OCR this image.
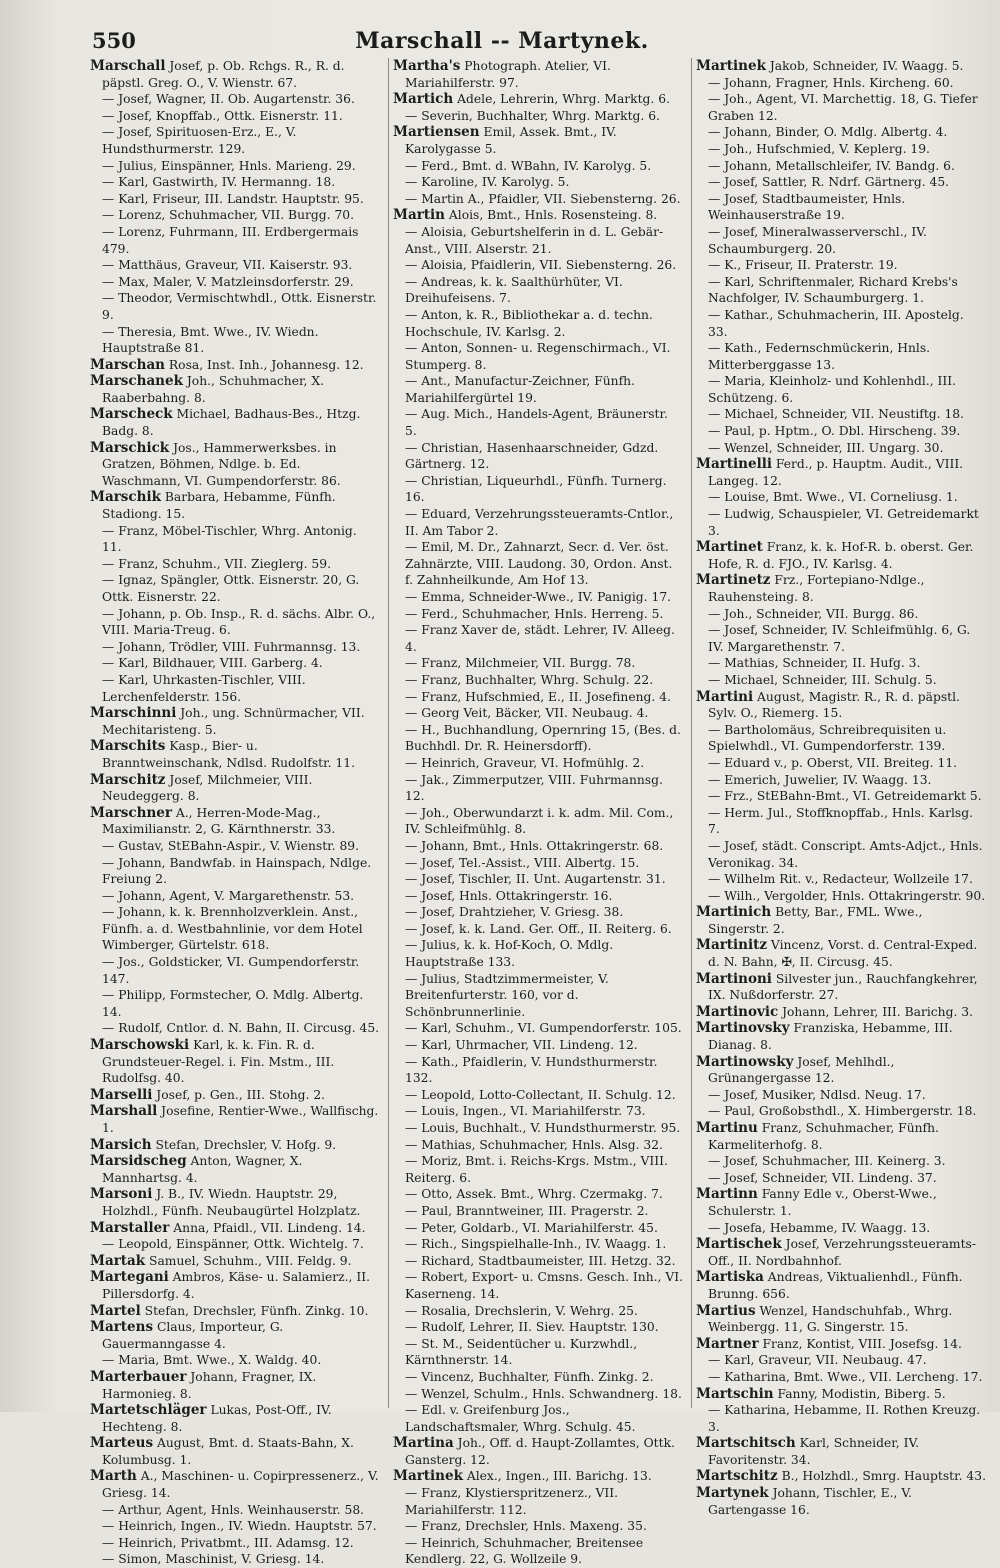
550	Marschall -- Martynek.
Marschall Josef, p. Ob. Rchgs. R., R. d. päpstl. Greg. O., V. Wienstr. 67.
— Josef, Wagner, II. Ob. Augartenstr. 36.
— Josef, Knopffab., Ottk. Eisnerstr. 11.
— Josef, Spirituosen-Erz., E., V. Hundsthurmerstr. 129.
— Julius, Einspänner, Hnls. Marieng. 29.
— Karl, Gastwirth, IV. Hermanng. 18.
— Karl, Friseur, III. Landstr. Hauptstr. 95.
— Lorenz, Schuhmacher, VII. Burgg. 70.
— Lorenz, Fuhrmann, III. Erdbergermais 479.
— Matthäus, Graveur, VII. Kaiserstr. 93.
— Max, Maler, V. Matzleinsdorferstr. 29.
— Theodor, Vermischtwhdl., Ottk. Eisnerstr. 9.
— Theresia, Bmt. Wwe., IV. Wiedn. Hauptstraße 81.
Marschan Rosa, Inst. Inh., Johannesg. 12.
Marschanek Joh., Schuhmacher, X. Raaberbahng. 8.
Marscheck Michael, Badhaus-Bes., Htzg. Badg. 8.
Marschick Jos., Hammerwerksbes. in Gratzen, Böhmen, Ndlge. b. Ed. Waschmann, VI. Gumpendorferstr. 86.
Marschik Barbara, Hebamme, Fünfh. Stadiong. 15.
— Franz, Möbel-Tischler, Whrg. Antonig. 11.
— Franz, Schuhm., VII. Zieglerg. 59.
— Ignaz, Spängler, Ottk. Eisnerstr. 20, G. Ottk. Eisnerstr. 22.
— Johann, p. Ob. Insp., R. d. sächs. Albr. O., VIII. Maria-Treug. 6.
— Johann, Trödler, VIII. Fuhrmannsg. 13.
— Karl, Bildhauer, VIII. Garberg. 4.
— Karl, Uhrkasten-Tischler, VIII. Lerchenfelderstr. 156.
Marschinni Joh., ung. Schnürmacher, VII. Mechitaristeng. 5.
Marschits Kasp., Bier- u. Branntweinschank, Ndlsd. Rudolfstr. 11.
Marschitz Josef, Milchmeier, VIII. Neudeggerg. 8.
Marschner A., Herren-Mode-Mag., Maximilianstr. 2, G. Kärnthnerstr. 33.
— Gustav, StEBahn-Aspir., V. Wienstr. 89.
— Johann, Bandwfab. in Hainspach, Ndlge. Freiung 2.
— Johann, Agent, V. Margarethenstr. 53.
— Johann, k. k. Brennholzverklein. Anst., Fünfh. a. d. Westbahnlinie, vor dem Hotel Wimberger, Gürtelstr. 618.
— Jos., Goldsticker, VI. Gumpendorferstr. 147.
— Philipp, Formstecher, O. Mdlg. Albertg. 14.
— Rudolf, Cntlor. d. N. Bahn, II. Circusg. 45.
Marschowski Karl, k. k. Fin. R. d. Grundsteuer-Regel. i. Fin. Mstm., III. Rudolfsg. 40.
Marselli Josef, p. Gen., III. Stohg. 2.
Marshall Josefine, Rentier-Wwe., Wallfischg. 1.
Marsich Stefan, Drechsler, V. Hofg. 9.
Marsidscheg Anton, Wagner, X. Mannhartsg. 4.
Marsoni J. B., IV. Wiedn. Hauptstr. 29, Holzhdl., Fünfh. Neubaugürtel Holzplatz.
Marstaller Anna, Pfaidl., VII. Lindeng. 14.
— Leopold, Einspänner, Ottk. Wichtelg. 7.
Martak Samuel, Schuhm., VIII. Feldg. 9.
Martegani Ambros, Käse- u. Salamierz., II. Pillersdorfg. 4.
Martel Stefan, Drechsler, Fünfh. Zinkg. 10.
Martens Claus, Importeur, G. Gauermanngasse 4.
— Maria, Bmt. Wwe., X. Waldg. 40.
Marterbauer Johann, Fragner, IX. Harmonieg. 8.
Martetschläger Lukas, Post-Off., IV. Hechteng. 8.
Marteus August, Bmt. d. Staats-Bahn, X. Kolumbusg. 1.
Marth A., Maschinen- u. Copirpressenerz., V. Griesg. 14.
— Arthur, Agent, Hnls. Weinhauserstr. 58.
— Heinrich, Ingen., IV. Wiedn. Hauptstr. 57.
— Heinrich, Privatbmt., III. Adamsg. 12.
— Simon, Maschinist, V. Griesg. 14.
Martha's Photograph. Atelier, VI. Mariahilferstr. 97.
Martich Adele, Lehrerin, Whrg. Marktg. 6.
— Severin, Buchhalter, Whrg. Marktg. 6.
Martiensen Emil, Assek. Bmt., IV. Karolygasse 5.
— Ferd., Bmt. d. WBahn, IV. Karolyg. 5.
— Karoline, IV. Karolyg. 5.
— Martin A., Pfaidler, VII. Siebensterng. 26.
Martin Alois, Bmt., Hnls. Rosensteing. 8.
— Aloisia, Geburtshelferin in d. L. Gebär-Anst., VIII. Alserstr. 21.
— Aloisia, Pfaidlerin, VII. Siebensterng. 26.
— Andreas, k. k. Saalthürhüter, VI. Dreihufeisens. 7.
— Anton, k. R., Bibliothekar a. d. techn. Hochschule, IV. Karlsg. 2.
— Anton, Sonnen- u. Regenschirmach., VI. Stumperg. 8.
— Ant., Manufactur-Zeichner, Fünfh. Mariahilfergürtel 19.
— Aug. Mich., Handels-Agent, Bräunerstr. 5.
— Christian, Hasenhaarschneider, Gdzd. Gärtnerg. 12.
— Christian, Liqueurhdl., Fünfh. Turnerg. 16.
— Eduard, Verzehrungssteueramts-Cntlor., II. Am Tabor 2.
— Emil, M. Dr., Zahnarzt, Secr. d. Ver. öst. Zahnärzte, VIII. Laudong. 30, Ordon. Anst. f. Zahnheilkunde, Am Hof 13.
— Emma, Schneider-Wwe., IV. Panigig. 17.
— Ferd., Schuhmacher, Hnls. Herreng. 5.
— Franz Xaver de, städt. Lehrer, IV. Alleeg. 4.
— Franz, Milchmeier, VII. Burgg. 78.
— Franz, Buchhalter, Whrg. Schulg. 22.
— Franz, Hufschmied, E., II. Josefineng. 4.
— Georg Veit, Bäcker, VII. Neubaug. 4.
— H., Buchhandlung, Opernring 15, (Bes. d. Buchhdl. Dr. R. Heinersdorff).
— Heinrich, Graveur, VI. Hofmühlg. 2.
— Jak., Zimmerputzer, VIII. Fuhrmannsg. 12.
— Joh., Oberwundarzt i. k. adm. Mil. Com., IV. Schleifmühlg. 8.
— Johann, Bmt., Hnls. Ottakringerstr. 68.
— Josef, Tel.-Assist., VIII. Albertg. 15.
— Josef, Tischler, II. Unt. Augartenstr. 31.
— Josef, Hnls. Ottakringerstr. 16.
— Josef, Drahtzieher, V. Griesg. 38.
— Josef, k. k. Land. Ger. Off., II. Reiterg. 6.
— Julius, k. k. Hof-Koch, O. Mdlg. Hauptstraße 133.
— Julius, Stadtzimmermeister, V. Breitenfurterstr. 160, vor d. Schönbrunnerlinie.
— Karl, Schuhm., VI. Gumpendorferstr. 105.
— Karl, Uhrmacher, VII. Lindeng. 12.
— Kath., Pfaidlerin, V. Hundsthurmerstr. 132.
— Leopold, Lotto-Collectant, II. Schulg. 12.
— Louis, Ingen., VI. Mariahilferstr. 73.
— Louis, Buchhalt., V. Hundsthurmerstr. 95.
— Mathias, Schuhmacher, Hnls. Alsg. 32.
— Moriz, Bmt. i. Reichs-Krgs. Mstm., VIII. Reiterg. 6.
— Otto, Assek. Bmt., Whrg. Czermakg. 7.
— Paul, Branntweiner, III. Pragerstr. 2.
— Peter, Goldarb., VI. Mariahilferstr. 45.
— Rich., Singspielhalle-Inh., IV. Waagg. 1.
— Richard, Stadtbaumeister, III. Hetzg. 32.
— Robert, Export- u. Cmsns. Gesch. Inh., VI. Kaserneng. 14.
— Rosalia, Drechslerin, V. Wehrg. 25.
— Rudolf, Lehrer, II. Siev. Hauptstr. 130.
— St. M., Seidentücher u. Kurzwhdl., Kärnthnerstr. 14.
— Vincenz, Buchhalter, Fünfh. Zinkg. 2.
— Wenzel, Schulm., Hnls. Schwandnerg. 18.
— Edl. v. Greifenburg Jos., Landschaftsmaler, Whrg. Schulg. 45.
Martina Joh., Off. d. Haupt-Zollamtes, Ottk. Gansterg. 12.
Martinek Alex., Ingen., III. Barichg. 13.
— Franz, Klystierspritzenerz., VII. Mariahilferstr. 112.
— Franz, Drechsler, Hnls. Maxeng. 35.
— Heinrich, Schuhmacher, Breitensee Kendlerg. 22, G. Wollzeile 9.
Martinek Jakob, Schneider, IV. Waagg. 5.
— Johann, Fragner, Hnls. Kircheng. 60.
— Joh., Agent, VI. Marchettig. 18, G. Tiefer Graben 12.
— Johann, Binder, O. Mdlg. Albertg. 4.
— Joh., Hufschmied, V. Keplerg. 19.
— Johann, Metallschleifer, IV. Bandg. 6.
— Josef, Sattler, R. Ndrf. Gärtnerg. 45.
— Josef, Stadtbaumeister, Hnls. Weinhauserstraße 19.
— Josef, Mineralwasserverschl., IV. Schaumburgerg. 20.
— K., Friseur, II. Praterstr. 19.
— Karl, Schriftenmaler, Richard Krebs's Nachfolger, IV. Schaumburgerg. 1.
— Kathar., Schuhmacherin, III. Apostelg. 33.
— Kath., Federnschmückerin, Hnls. Mitterberggasse 13.
— Maria, Kleinholz- und Kohlenhdl., III. Schützeng. 6.
— Michael, Schneider, VII. Neustiftg. 18.
— Paul, p. Hptm., O. Dbl. Hirscheng. 39.
— Wenzel, Schneider, III. Ungarg. 30.
Martinelli Ferd., p. Hauptm. Audit., VIII. Langeg. 12.
— Louise, Bmt. Wwe., VI. Corneliusg. 1.
— Ludwig, Schauspieler, VI. Getreidemarkt 3.
Martinet Franz, k. k. Hof-R. b. oberst. Ger. Hofe, R. d. FJO., IV. Karlsg. 4.
Martinetz Frz., Fortepiano-Ndlge., Rauhensteing. 8.
— Joh., Schneider, VII. Burgg. 86.
— Josef, Schneider, IV. Schleifmühlg. 6, G. IV. Margarethenstr. 7.
— Mathias, Schneider, II. Hufg. 3.
— Michael, Schneider, III. Schulg. 5.
Martini August, Magistr. R., R. d. päpstl. Sylv. O., Riemerg. 15.
— Bartholomäus, Schreibrequisiten u. Spielwhdl., VI. Gumpendorferstr. 139.
— Eduard v., p. Oberst, VII. Breiteg. 11.
— Emerich, Juwelier, IV. Waagg. 13.
— Frz., StEBahn-Bmt., VI. Getreidemarkt 5.
— Herm. Jul., Stoffknopffab., Hnls. Karlsg. 7.
— Josef, städt. Conscript. Amts-Adjct., Hnls. Veronikag. 34.
— Wilhelm Rit. v., Redacteur, Wollzeile 17.
— Wilh., Vergolder, Hnls. Ottakringerstr. 90.
Martinich Betty, Bar., FML. Wwe., Singerstr. 2.
Martinitz Vincenz, Vorst. d. Central-Exped. d. N. Bahn, ✠, II. Circusg. 45.
Martinoni Silvester jun., Rauchfangkehrer, IX. Nußdorferstr. 27.
Martinovic Johann, Lehrer, III. Barichg. 3.
Martinovsky Franziska, Hebamme, III. Dianag. 8.
Martinowsky Josef, Mehlhdl., Grünangergasse 12.
— Josef, Musiker, Ndlsd. Neug. 17.
— Paul, Großobsthdl., X. Himbergerstr. 18.
Martinu Franz, Schuhmacher, Fünfh. Karmeliterhofg. 8.
— Josef, Schuhmacher, III. Keinerg. 3.
— Josef, Schneider, VII. Lindeng. 37.
Martinn Fanny Edle v., Oberst-Wwe., Schulerstr. 1.
— Josefa, Hebamme, IV. Waagg. 13.
Martischek Josef, Verzehrungssteueramts-Off., II. Nordbahnhof.
Martiska Andreas, Viktualienhdl., Fünfh. Brunng. 656.
Martius Wenzel, Handschuhfab., Whrg. Weinbergg. 11, G. Singerstr. 15.
Martner Franz, Kontist, VIII. Josefsg. 14.
— Karl, Graveur, VII. Neubaug. 47.
— Katharina, Bmt. Wwe., VII. Lercheng. 17.
Martschin Fanny, Modistin, Biberg. 5.
— Katharina, Hebamme, II. Rothen Kreuzg. 3.
Martschitsch Karl, Schneider, IV. Favoritenstr. 34.
Martschitz B., Holzhdl., Smrg. Hauptstr. 43.
Martynek Johann, Tischler, E., V. Gartengasse 16.
